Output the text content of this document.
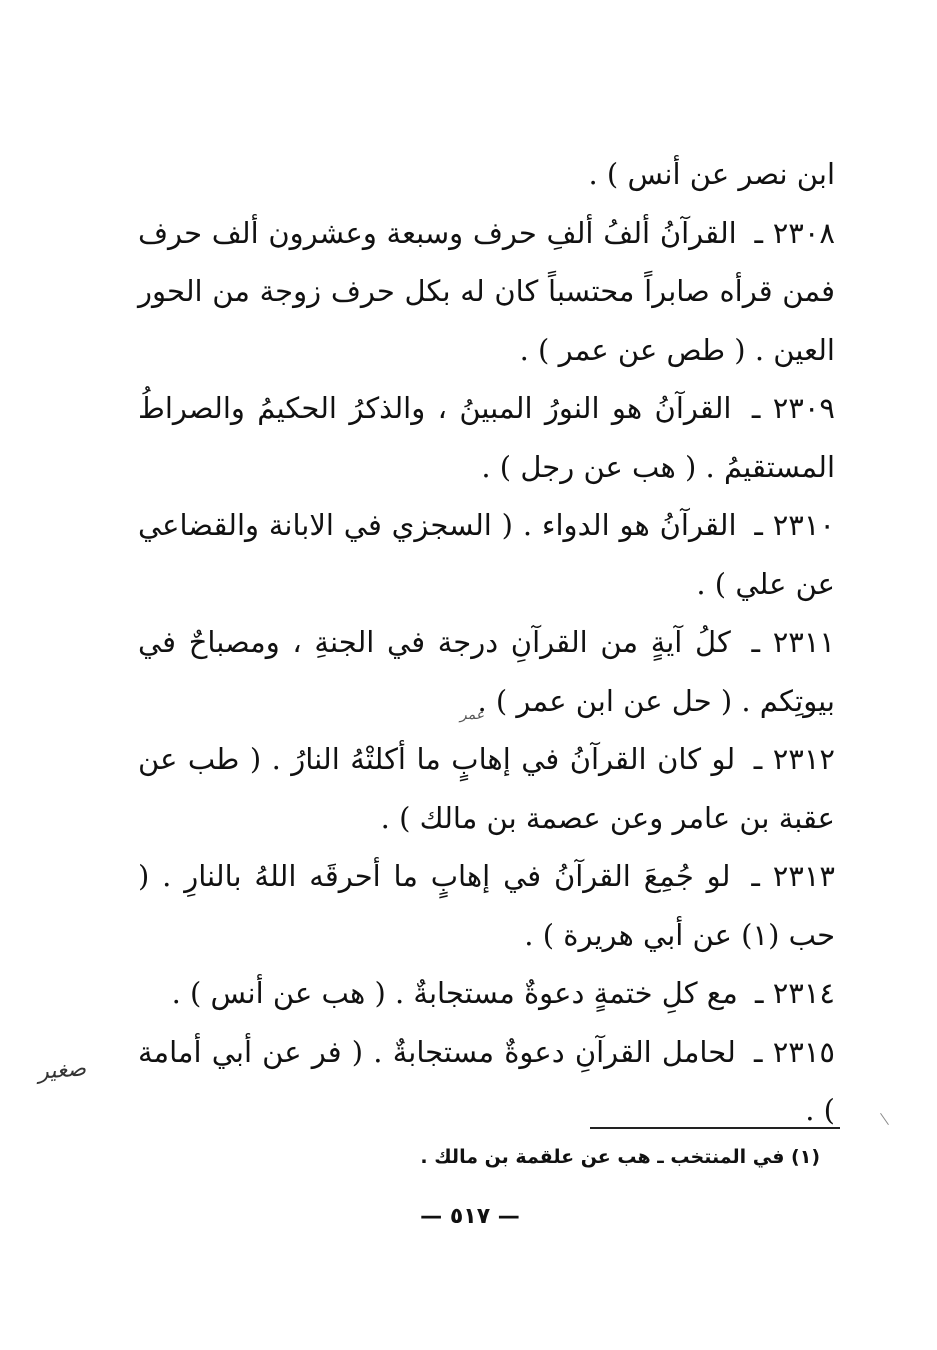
ابن نصر عن أنس ) .

٢٣٠٨ ـ القرآنُ ألفُ ألفِ حرف وسبعة وعشرون ألف حرف فمن قرأه صابراً محتسباً كان له بكل حرف زوجة من الحور العين . ( طص عن عمر ) .

٢٣٠٩ ـ القرآنُ هو النورُ المبينُ ، والذكرُ الحكيمُ والصراطُ المستقيمُ . ( هب عن رجل ) .

٢٣١٠ ـ القرآنُ هو الدواء . ( السجزي في الابانة والقضاعي عن علي ) .

٢٣١١ ـ كلُ آيةٍ من القرآنِ درجة في الجنةِ ، ومصباحٌ في بيوتِكم . ( حل عن ابن عمر ) .

٢٣١٢ ـ لو كان القرآنُ في إهابٍ ما أكلتْهُ النارُ . ( طب عن عقبة بن عامر وعن عصمة بن مالك ) .

٢٣١٣ ـ لو جُمِعَ القرآنُ في إهابٍ ما أحرقَه اللهُ بالنارِ . ( حب (١) عن أبي هريرة ) .

٢٣١٤ ـ مع كلِ ختمةٍ دعوةٌ مستجابةٌ . ( هب عن أنس ) .

٢٣١٥ ـ لحامل القرآنِ دعوةٌ مستجابةٌ . ( فر عن أبي أمامة ) .

عمر
صغير
(١) في المنتخب ـ هب عن علقمة بن مالك .
— ٥١٧ —
